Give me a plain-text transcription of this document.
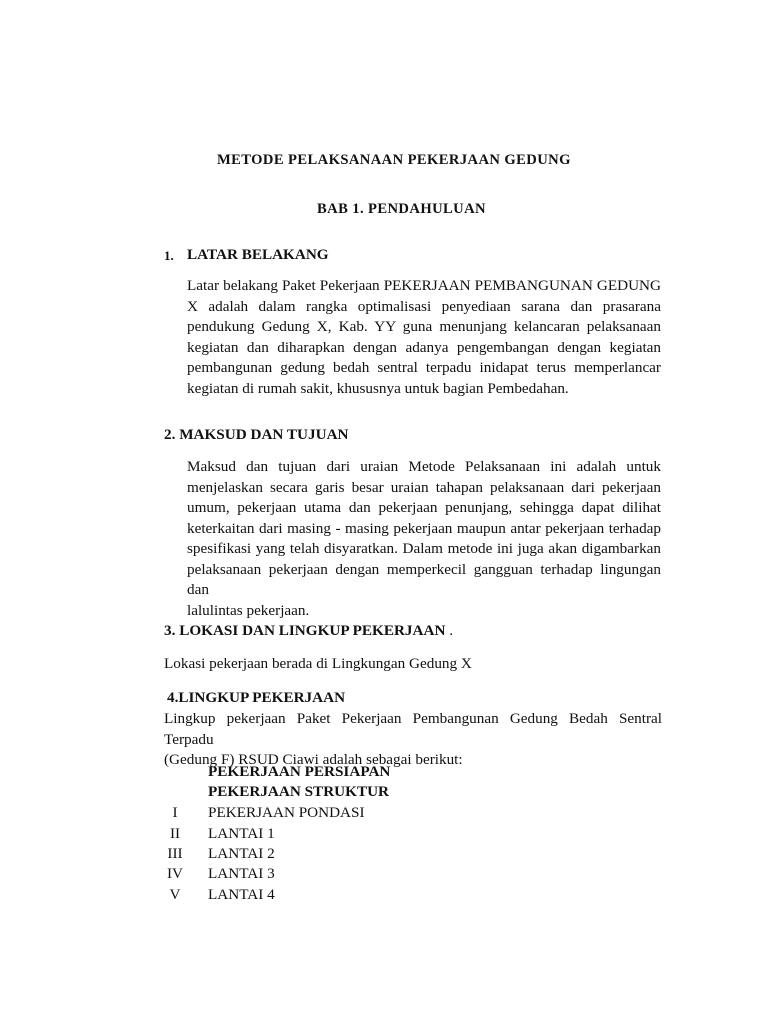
METODE PELAKSANAAN PEKERJAAN GEDUNG
BAB 1. PENDAHULUAN
1. LATAR BELAKANG
Latar belakang Paket Pekerjaan PEKERJAAN PEMBANGUNAN GEDUNG
X adalah dalam rangka optimalisasi penyediaan sarana dan prasarana
pendukung Gedung X, Kab. YY guna menunjang kelancaran pelaksanaan
kegiatan dan diharapkan dengan adanya pengembangan dengan kegiatan
pembangunan gedung bedah sentral terpadu inidapat terus memperlancar
kegiatan di rumah sakit, khususnya untuk bagian Pembedahan.
2. MAKSUD DAN TUJUAN
Maksud dan tujuan dari uraian Metode Pelaksanaan ini adalah untuk
menjelaskan secara garis besar uraian tahapan pelaksanaan dari pekerjaan
umum, pekerjaan utama dan pekerjaan penunjang, sehingga dapat dilihat
keterkaitan dari masing - masing pekerjaan maupun antar pekerjaan terhadap
spesifikasi yang telah disyaratkan. Dalam metode ini juga akan digambarkan
pelaksanaan pekerjaan dengan memperkecil gangguan terhadap lingungan dan
lalulintas pekerjaan.
3. LOKASI DAN LINGKUP PEKERJAAN .
Lokasi pekerjaan berada di Lingkungan Gedung X
4.LINGKUP PEKERJAAN
Lingkup pekerjaan Paket Pekerjaan Pembangunan Gedung Bedah Sentral Terpadu
(Gedung F) RSUD Ciawi adalah sebagai berikut:
PEKERJAAN PERSIAPAN
PEKERJAAN STRUKTUR
I	PEKERJAAN PONDASI
II	LANTAI 1
III	LANTAI 2
IV	LANTAI 3
V	LANTAI 4
